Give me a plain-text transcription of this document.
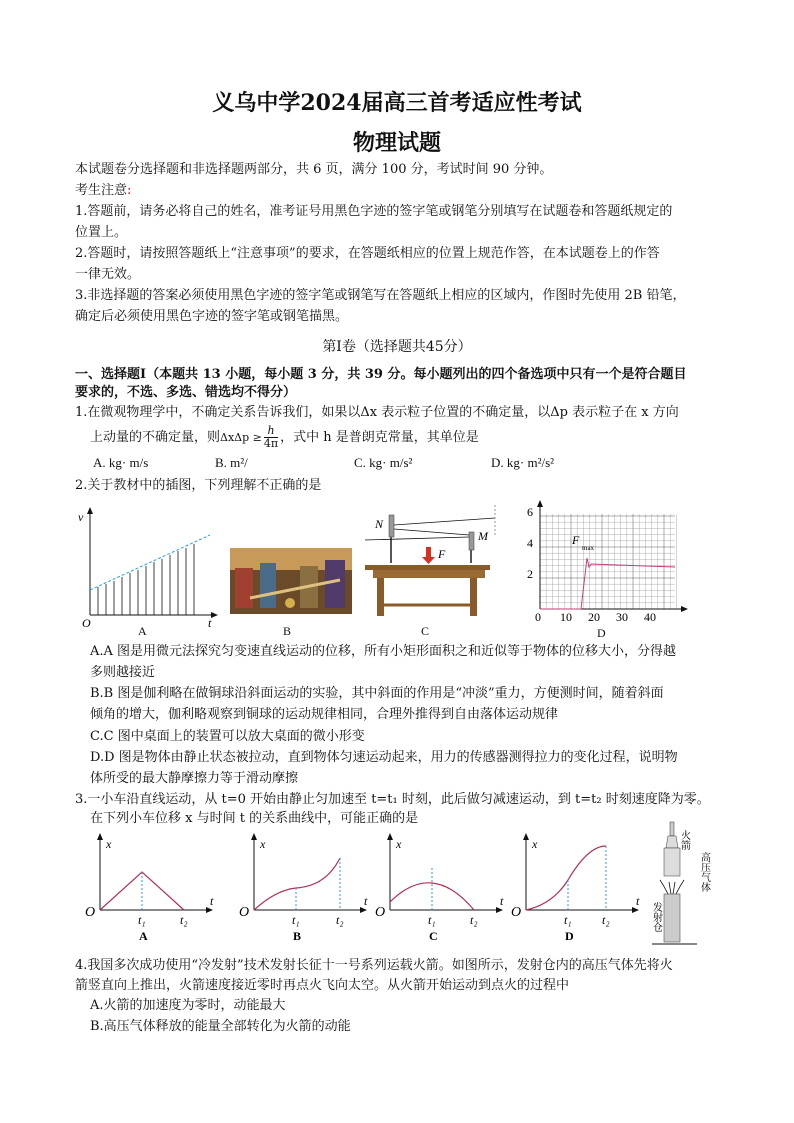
义乌中学2024届高三首考适应性考试
物理试题
本试题卷分选择题和非选择题两部分，共 6 页，满分 100 分，考试时间 90 分钟。
考生注意:
1.答题前，请务必将自己的姓名，准考证号用黑色字迹的签字笔或钢笔分别填写在试题卷和答题纸规定的
位置上。
2.答题时，请按照答题纸上“注意事项”的要求，在答题纸相应的位置上规范作答，在本试题卷上的作答
一律无效。
3.非选择题的答案必须使用黑色字迹的签字笔或钢笔写在答题纸上相应的区域内，作图时先使用 2B 铅笔，
确定后必须使用黑色字迹的签字笔或钢笔描黑。
第Ⅰ卷（选择题共45分）
一、选择题Ⅰ（本题共 13 小题，每小题 3 分，共 39 分。每小题列出的四个备选项中只有一个是符合题目
要求的，不选、多选、错选均不得分）
1.在微观物理学中，不确定关系告诉我们，如果以Δx 表示粒子位置的不确定量，以Δp 表示粒子在 x 方向
上动量的不确定量，则$\Delta x\Delta p \ge \frac{h}{4\pi}$ ，式中 h 是普朗克常量，其单位是
A. kg· m/s	B. m²/	C. kg· m/s²	D. kg· m²/s²
2.关于教材中的插图，下列理解不正确的是
v
t
O
A	B
N
M
F
C
6
4
2
0 10 20 30 40
F
max
D
A.A 图是用微元法探究匀变速直线运动的位移，所有小矩形面积之和近似等于物体的位移大小，分得越
多则越接近
B.B 图是伽利略在做铜球沿斜面运动的实验，其中斜面的作用是“冲淡”重力，方便测时间，随着斜面
倾角的增大，伽利略观察到铜球的运动规律相同，合理外推得到自由落体运动规律
C.C 图中桌面上的装置可以放大桌面的微小形变
D.D 图是物体由静止状态被拉动，直到物体匀速运动起来，用力的传感器测得拉力的变化过程，说明物
体所受的最大静摩擦力等于滑动摩擦
3.一小车沿直线运动，从 t=0 开始由静止匀加速至 t=t₁ 时刻，此后做匀减速运动，到 t=t₂ 时刻速度降为零。
在下列小车位移 x 与时间 t 的关系曲线中，可能正确的是
x
t
O	t₁	t₂
A
x
t
O	t₁	t₂
B
x
t
O	t₁	t₂
C
x
t
O	t₁	t₂
D
火箭
高压气体
发射仓
4.我国多次成功使用“冷发射”技术发射长征十一号系列运载火箭。如图所示，发射仓内的高压气体先将火
箭竖直向上推出，火箭速度接近零时再点火飞向太空。从火箭开始运动到点火的过程中
A.火箭的加速度为零时，动能最大
B.高压气体释放的能量全部转化为火箭的动能
